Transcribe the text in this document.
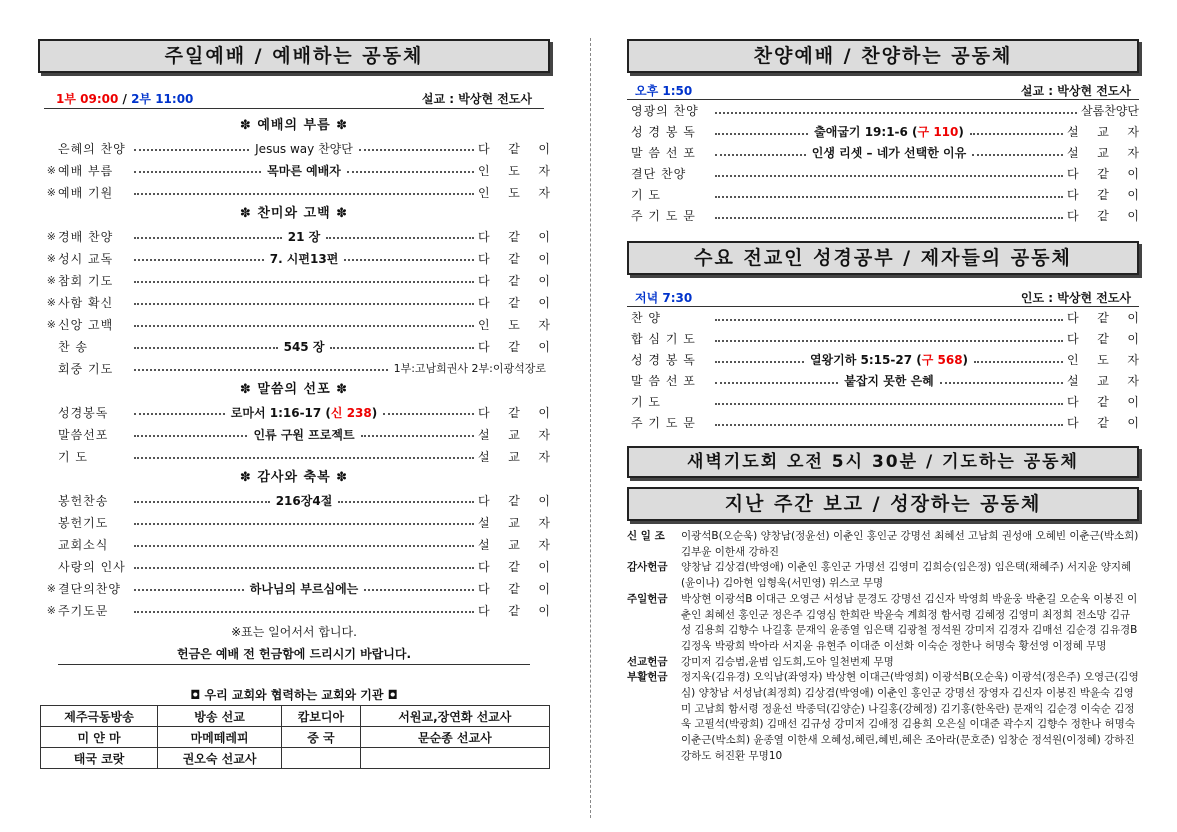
주일예배 / 예배하는 공동체
1부 09:00 / 2부 11:00	설교 : 박상현 전도사
✽ 예배의 부름 ✽
은혜의 찬양	Jesus way 찬양단	다 같 이
※ 예배 부름	목마른 예배자	인 도 자
※ 예배 기원	인 도 자
✽ 찬미와 고백 ✽
※ 경배 찬양	21 장	다 같 이
※ 성시 교독	7. 시편13편	다 같 이
※ 참회 기도	다 같 이
※ 사함 확신	다 같 이
※ 신앙 고백	인 도 자
찬 송	545 장	다 같 이
회중 기도	1부:고남희권사 2부:이광석장로
✽ 말씀의 선포 ✽
성경봉독	로마서 1:16-17 (신 238)	다 같 이
말씀선포	인류 구원 프로젝트	설 교 자
기 도	설 교 자
✽ 감사와 축복 ✽
봉헌찬송	216장4절	다 같 이
봉헌기도	설 교 자
교회소식	설 교 자
사랑의 인사	다 같 이
※ 결단의찬양	하나님의 부르심에는	다 같 이
※ 주기도문	다 같 이
※표는 일어서서 합니다.
헌금은 예배 전 헌금함에 드리시기 바랍니다.
◘ 우리 교회와 협력하는 교회와 기관 ◘
제주극동방송	방송 선교	캄보디아	서원교,장연화 선교사
미 얀 마	마메떼레피	중 국	문순종 선교사
태국 코랏	권오숙 선교사		
찬양예배 / 찬양하는 공동체
오후 1:50	설교 : 박상현 전도사
영광의 찬양	살롬찬양단
성 경 봉 독	출애굽기 19:1-6 (구 110)	설 교 자
말 씀 선 포	인생 리셋 – 네가 선택한 이유	설 교 자
결단 찬양	다 같 이
기 도	다 같 이
주 기 도 문	다 같 이
수요 전교인 성경공부 / 제자들의 공동체
저녁 7:30	인도 : 박상현 전도사
찬 양	다 같 이
합 심 기 도	다 같 이
성 경 봉 독	열왕기하 5:15-27 (구 568)	인 도 자
말 씀 선 포	붙잡지 못한 은혜	설 교 자
기 도	다 같 이
주 기 도 문	다 같 이
새벽기도회 오전 5시 30분 / 기도하는 공동체
지난 주간 보고 / 성장하는 공동체
신 일 조	이광석B(오순욱) 양창남(정윤선) 이춘인 홍인군 강명선 최혜선 고남희 권성애 오혜빈 이춘근(박소희) 김부윤 이한새 강하진
감사헌금	양창남 김상겸(박영애) 이춘인 홍인군 가명선 김영미 김희승(임은정) 임은택(채혜주) 서지윤 양지혜(윤이나) 김아현 임형욱(서민영) 위스코 무명
주일헌금	박상현 이광석B 이대근 오영근 서성남 문경도 강명선 김신자 박영희 박윤웅 박춘길 오순욱 이봉진 이춘인 최혜선 홍인군 정은주 김영심 한희란 박윤숙 계희정 함서령 김혜정 김영미 최정희 전소망 김규성 김용희 김향수 나길홍 문재익 윤종열 임은택 김광철 정석원 강미저 김경자 김매선 김순경 김유경B 김정욱 박광희 박아라 서지윤 유현주 이대준 이선화 이숙순 정한나 허명숙 황선영 이정혜 무명
선교헌금	강미저 김승범,윤범 임도희,도아 일천번제 무명
부활헌금	정지욱(김유경) 오익남(좌영자) 박상현 이대근(박영희) 이광석B(오순욱) 이광석(정은주) 오영근(김영심) 양창남 서성남(최정희) 김상겸(박영애) 이춘인 홍인군 강명선 장영자 김신자 이봉진 박윤숙 김영미 고남희 함서령 정윤선 박종덕(김양순) 나길홍(강혜정) 김기홍(한옥란) 문재익 김순경 이숙순 김정욱 고필석(박광희) 김매선 김규성 강미저 김애정 김용희 오은실 이대준 곽수지 김향수 정한나 허명숙 이춘근(박소희) 윤종열 이한새 오혜성,혜린,혜빈,혜은 조아라(문호준) 임창순 정석원(이정혜) 강하진 강하도 허진환 무명10
